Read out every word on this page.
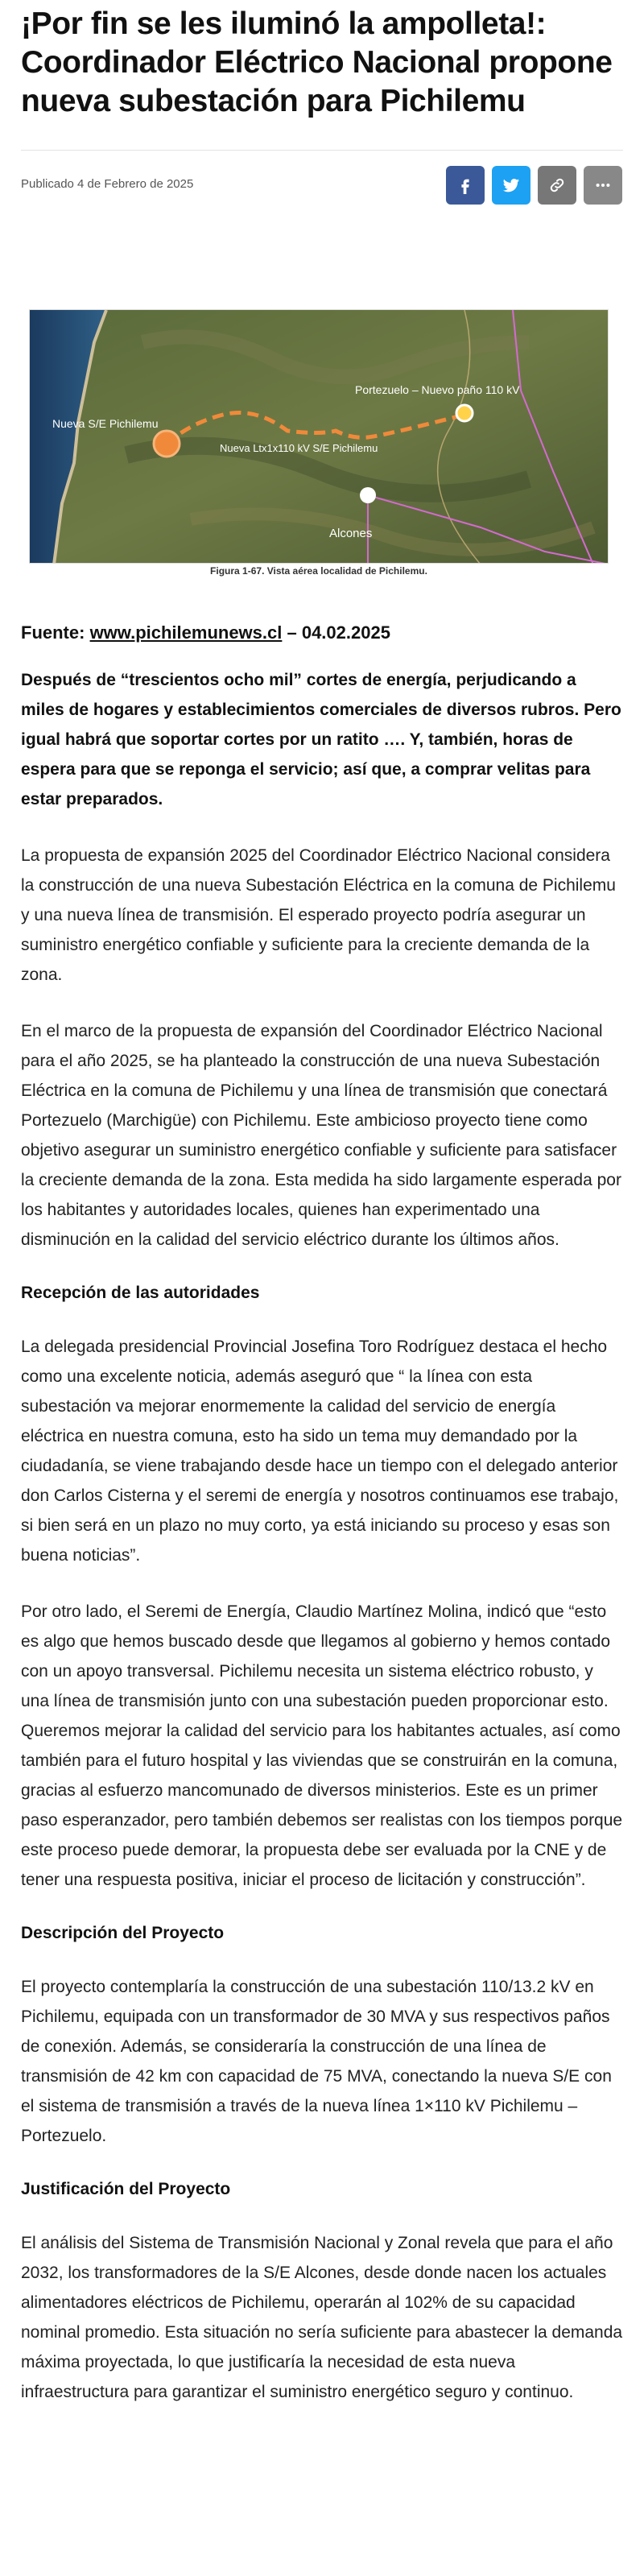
¡Por fin se les iluminó la ampolleta!: Coordinador Eléctrico Nacional propone nueva subestación para Pichilemu
Publicado 4 de Febrero de 2025
Nueva S/E Pichilemu
Portezuelo – Nuevo paño 110 kV
Nueva Ltx1x110 kV S/E Pichilemu
Alcones
Figura 1-67. Vista aérea localidad de Pichilemu.
Fuente: www.pichilemunews.cl – 04.02.2025

Después de “trescientos ocho mil” cortes de energía, perjudicando a miles de hogares y establecimientos comerciales de diversos rubros. Pero igual habrá que soportar cortes por un ratito …. Y, también, horas de espera para que se reponga el servicio; así que, a comprar velitas para estar preparados.

La propuesta de expansión 2025 del Coordinador Eléctrico Nacional considera la construcción de una nueva Subestación Eléctrica en la comuna de Pichilemu y una nueva línea de transmisión. El esperado proyecto podría asegurar un suministro energético confiable y suficiente para la creciente demanda de la zona.

En el marco de la propuesta de expansión del Coordinador Eléctrico Nacional para el año 2025, se ha planteado la construcción de una nueva Subestación Eléctrica en la comuna de Pichilemu y una línea de transmisión que conectará Portezuelo (Marchigüe) con Pichilemu. Este ambicioso proyecto tiene como objetivo asegurar un suministro energético confiable y suficiente para satisfacer la creciente demanda de la zona. Esta medida ha sido largamente esperada por los habitantes y autoridades locales, quienes han experimentado una disminución en la calidad del servicio eléctrico durante los últimos años.

Recepción de las autoridades

La delegada presidencial Provincial Josefina Toro Rodríguez destaca el hecho como una excelente noticia, además aseguró que “ la línea con esta subestación va mejorar enormemente la calidad del servicio de energía eléctrica en nuestra comuna, esto ha sido un tema muy demandado por la ciudadanía, se viene trabajando desde hace un tiempo con el delegado anterior don Carlos Cisterna y el seremi de energía y nosotros continuamos ese trabajo, si bien será en un plazo no muy corto, ya está iniciando su proceso y esas son buena noticias”.

Por otro lado, el Seremi de Energía, Claudio Martínez Molina, indicó que “esto es algo que hemos buscado desde que llegamos al gobierno y hemos contado con un apoyo transversal. Pichilemu necesita un sistema eléctrico robusto, y una línea de transmisión junto con una subestación pueden proporcionar esto. Queremos mejorar la calidad del servicio para los habitantes actuales, así como también para el futuro hospital y las viviendas que se construirán en la comuna, gracias al esfuerzo mancomunado de diversos ministerios. Este es un primer paso esperanzador, pero también debemos ser realistas con los tiempos porque este proceso puede demorar, la propuesta debe ser evaluada por la CNE y de tener una respuesta positiva, iniciar el proceso de licitación y construcción”.

Descripción del Proyecto

El proyecto contemplaría la construcción de una subestación 110/13.2 kV en Pichilemu, equipada con un transformador de 30 MVA y sus respectivos paños de conexión. Además, se consideraría la construcción de una línea de transmisión de 42 km con capacidad de 75 MVA, conectando la nueva S/E con el sistema de transmisión a través de la nueva línea 1×110 kV Pichilemu – Portezuelo.

Justificación del Proyecto

El análisis del Sistema de Transmisión Nacional y Zonal revela que para el año 2032, los transformadores de la S/E Alcones, desde donde nacen los actuales alimentadores eléctricos de Pichilemu, operarán al 102% de su capacidad nominal promedio. Esta situación no sería suficiente para abastecer la demanda máxima proyectada, lo que justificaría la necesidad de esta nueva infraestructura para garantizar el suministro energético seguro y continuo.
